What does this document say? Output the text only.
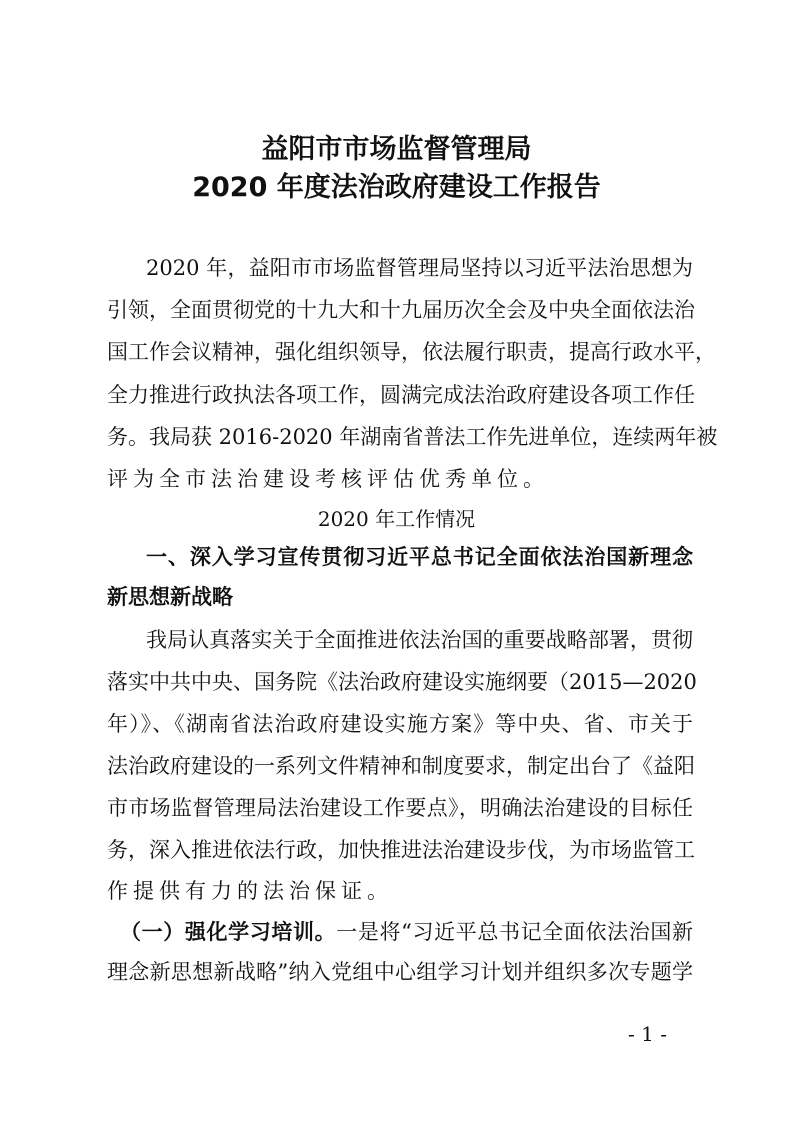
益阳市市场监督管理局
2020 年度法治政府建设工作报告
2020 年，益阳市市场监督管理局坚持以习近平法治思想为
引领，全面贯彻党的十九大和十九届历次全会及中央全面依法治
国工作会议精神，强化组织领导，依法履行职责，提高行政水平，
全力推进行政执法各项工作，圆满完成法治政府建设各项工作任
务。我局获 2016-2020 年湖南省普法工作先进单位，连续两年被
评为全市法治建设考核评估优秀单位。
2020 年工作情况
一、深入学习宣传贯彻习近平总书记全面依法治国新理念
新思想新战略
我局认真落实关于全面推进依法治国的重要战略部署，贯彻
落实中共中央、国务院《法治政府建设实施纲要（2015—2020
年）》、《湖南省法治政府建设实施方案》等中央、省、市关于
法治政府建设的一系列文件精神和制度要求，制定出台了《益阳
市市场监督管理局法治建设工作要点》，明确法治建设的目标任
务，深入推进依法行政，加快推进法治建设步伐，为市场监管工
作提供有力的法治保证。
（一）强化学习培训。一是将“习近平总书记全面依法治国新
理念新思想新战略”纳入党组中心组学习计划并组织多次专题学
- 1 -
